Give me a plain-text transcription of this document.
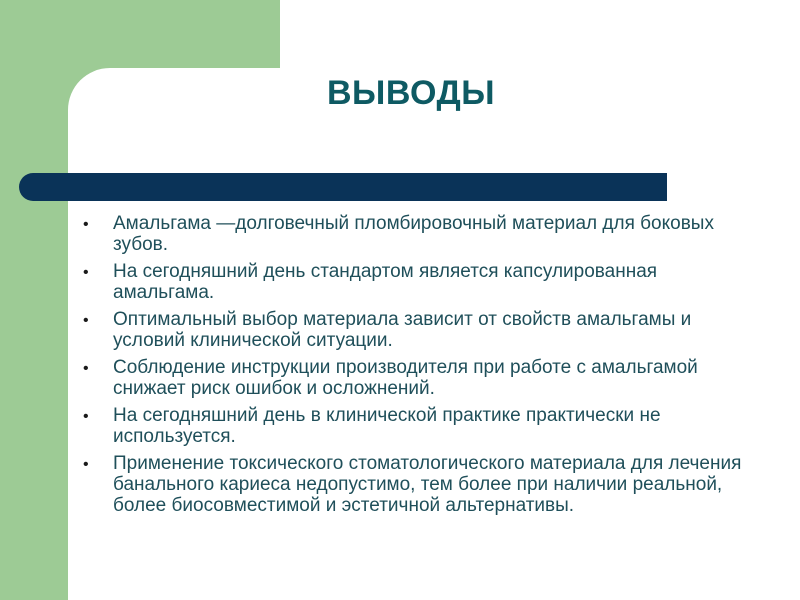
ВЫВОДЫ
• Амальгама —долговечный пломбировочный материал для боковых зубов.
• На сегодняшний день стандартом является капсулированная амальгама.
• Оптимальный выбор материала зависит от свойств амальгамы и условий клинической ситуации.
• Соблюдение инструкции производителя при работе с амальгамой снижает риск ошибок и осложнений.
• На сегодняшний день в клинической практике практически не используется.
• Применение токсического стоматологического материала для лечения банального кариеса недопустимо, тем более при наличии реальной, более биосовместимой и эстетичной альтернативы.
